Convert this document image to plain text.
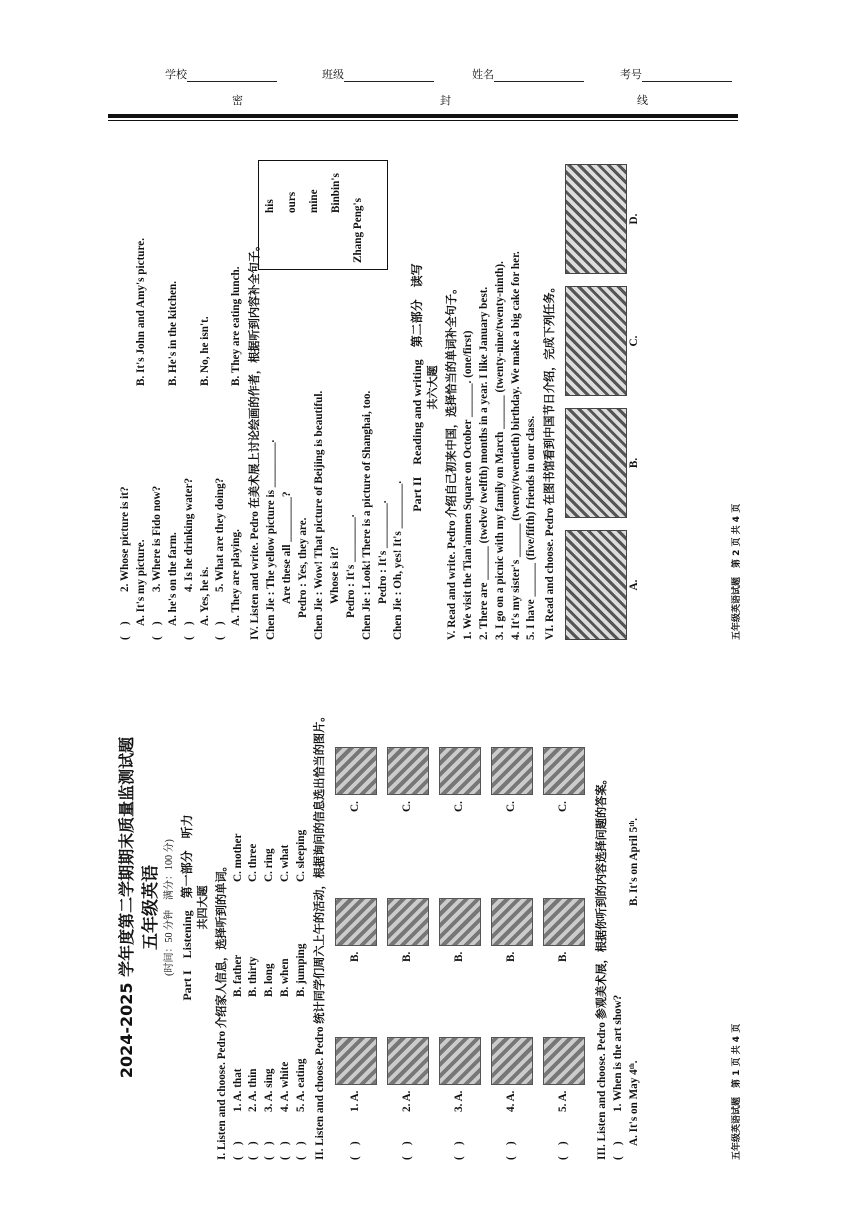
学校	班级	姓名	考号
密	封	线
2024-2025 学年度第二学期期末质量监测试题 五年级英语 (时间：50 分钟　满分：100 分) Part I　Listening　第一部分　听力 共四大题 I. Listen and choose. Pedro 介绍家人信息，选择听到的单词。 (　)
1. A. that
B. father
C. mother
(　)
2. A. thin
B. thirty
C. three
(　)
3. A. sing
B. long
C. ring
(　)
4. A. white
B. when
C. what
(　)
5. A. eating
B. jumping
C. sleeping II. Listen and choose. Pedro 统计同学们周六上午的活动，根据询问的信息选出恰当的图片。 (　)
1. A.
B.
C.
(　)
2. A.
B.
C.
(　)
3. A.
B.
C.
(　)
4. A.
B.
C.
(　)
5. A.
B.
C. III. Listen and choose. Pedro 参观美术展，根据你听到的内容选择问题的答案。 (　)
1. When is the art show? A. It's on May 4ᵗʰ.
B. It's on April 5ᵗʰ.
五年级英语试题　第 1 页 共 4 页
(　)
2. Whose picture is it? A. It's my picture.
B. It's John and Amy's picture.
(　)
3. Where is Fido now? A. he's on the farm.
B. He's in the kitchen.
(　)
4. Is he drinking water?
A. Yes, he is.
B. No, he isn't.
(　)
5. What are they doing? A. They are playing.
B. They are eating lunch. IV. Listen and write. Pedro 在美术展上讨论绘画的作者，根据听到内容补全句子。 Chen Jie : The yellow picture is ________. Are these all ________? Pedro : Yes, they are. Chen Jie : Wow! That picture of Beijing is beautiful. Whose is it? Pedro : It's ________. Chen Jie : Look! There is a picture of Shanghai, too. Pedro : It's ________. Chen Jie : Oh, yes! It's ________.
his ours mine Binbin's
Zhang Peng's
Part II　Reading and writing　第二部分　读写 共六大题 V. Read and write. Pedro 介绍自己初来中国，选择恰当的单词补全句子。 1. We visit the Tian'anmen Square on October ______. (one/first) 2. There are ______ (twelve/ twelfth) months in a year. I like January best. 3. I go on a picnic with my family on March ______ (twenty-nine/twenty-ninth). 4. It's my sister's ______ (twenty/twentieth) birthday. We make a big cake for her. 5. I have ______ (five/fifth) friends in our class. VI. Read and choose. Pedro 在图书馆看到中国节日介绍，完成下列任务。	A.
B.
C.
D.
五年级英语试题　第 2 页 共 4 页
